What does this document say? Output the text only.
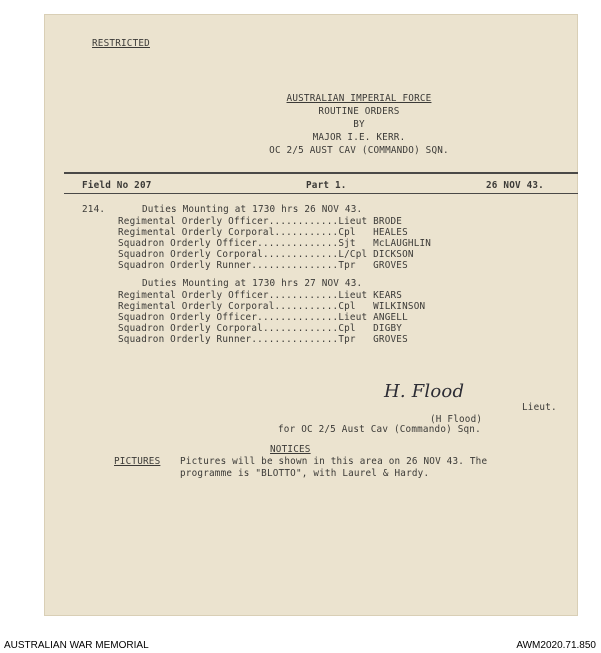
RESTRICTED
AUSTRALIAN IMPERIAL FORCE
ROUTINE ORDERS
BY
MAJOR I.E. KERR.
OC 2/5 AUST CAV (COMMANDO) SQN.
Field No 207	Part 1.	26 NOV 43.
214.	Duties Mounting at 1730 hrs 26 NOV 43.
Regimental Orderly Officer............Lieut BRODE
Regimental Orderly Corporal...........Cpl   HEALES
Squadron Orderly Officer..............Sjt   McLAUGHLIN
Squadron Orderly Corporal.............L/Cpl DICKSON
Squadron Orderly Runner...............Tpr   GROVES
Duties Mounting at 1730 hrs 27 NOV 43.
Regimental Orderly Officer............Lieut KEARS
Regimental Orderly Corporal...........Cpl   WILKINSON
Squadron Orderly Officer..............Lieut ANGELL
Squadron Orderly Corporal.............Cpl   DIGBY
Squadron Orderly Runner...............Tpr   GROVES
H. Flood
Lieut.
(H Flood)
for OC 2/5 Aust Cav (Commando) Sqn.
NOTICES
PICTURES Pictures will be shown in this area on 26 NOV 43. The
programme is "BLOTTO", with Laurel & Hardy.
AUSTRALIAN WAR MEMORIAL	AWM2020.71.850
